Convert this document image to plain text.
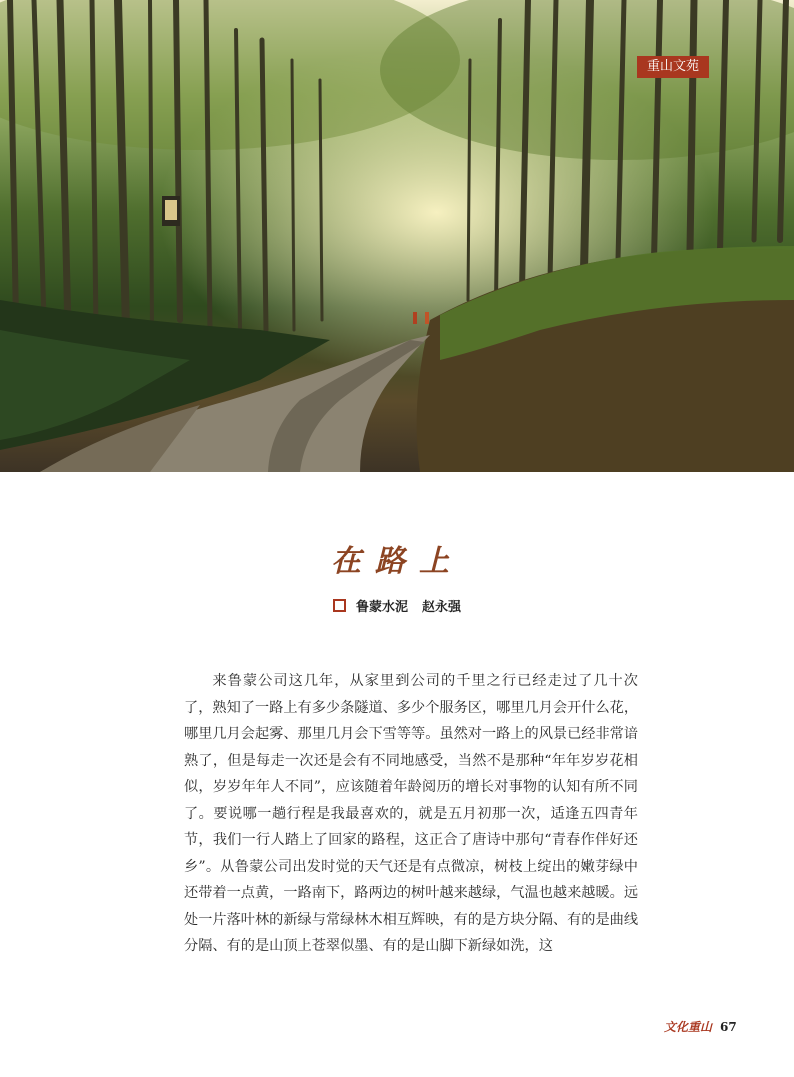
重山文苑
在路上
鲁蒙水泥 赵永强

来鲁蒙公司这几年，从家里到公司的千里之行已经走过了几十次了，熟知了一路上有多少条隧道、多少个服务区，哪里几月会开什么花，哪里几月会起雾、那里几月会下雪等等。虽然对一路上的风景已经非常谙熟了，但是每走一次还是会有不同地感受，当然不是那种“年年岁岁花相似，岁岁年年人不同”，应该随着年龄阅历的增长对事物的认知有所不同了。要说哪一趟行程是我最喜欢的，就是五月初那一次，适逢五四青年节，我们一行人踏上了回家的路程，这正合了唐诗中那句“青春作伴好还乡”。从鲁蒙公司出发时觉的天气还是有点微凉，树枝上绽出的嫩芽绿中还带着一点黄，一路南下，路两边的树叶越来越绿，气温也越来越暖。远处一片落叶林的新绿与常绿林木相互辉映，有的是方块分隔、有的是曲线分隔、有的是山顶上苍翠似墨、有的是山脚下新绿如洗，这

文化重山 67
